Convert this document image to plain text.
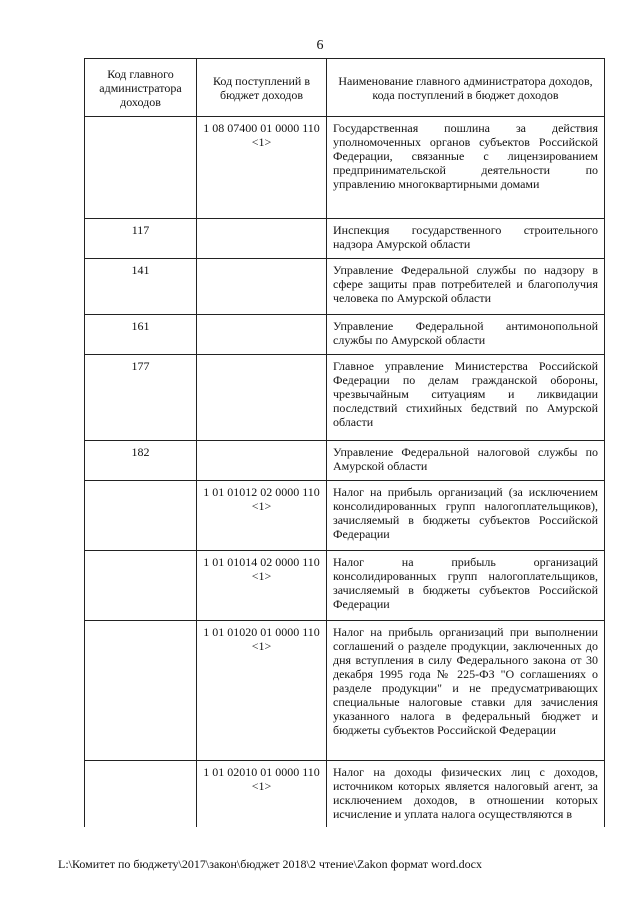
6
Код главного администратора доходов	Код поступлений в бюджет доходов	Наименование главного администратора доходов, кода поступлений в бюджет доходов
	1 08 07400 01 0000 110 <1>	Государственная пошлина за действия уполномоченных органов субъектов Российской Федерации, связанные с лицензированием предпринимательской деятельности по управлению многоквартирными домами
117		Инспекция государственного строительного надзора Амурской области
141		Управление Федеральной службы по надзору в сфере защиты прав потребителей и благополучия человека по Амурской области
161		Управление Федеральной антимонопольной службы по Амурской области
177		Главное управление Министерства Российской Федерации по делам гражданской обороны, чрезвычайным ситуациям и ликвидации последствий стихийных бедствий по Амурской области
182		Управление Федеральной налоговой службы по Амурской области
	1 01 01012 02 0000 110 <1>	Налог на прибыль организаций (за исключением консолидированных групп налогоплательщиков), зачисляемый в бюджеты субъектов Российской Федерации
	1 01 01014 02 0000 110 <1>	Налог на прибыль организаций консолидированных групп налогоплательщиков, зачисляемый в бюджеты субъектов Российской Федерации
	1 01 01020 01 0000 110 <1>	Налог на прибыль организаций при выполнении соглашений о разделе продукции, заключенных до дня вступления в силу Федерального закона от 30 декабря 1995 года № 225-ФЗ "О соглашениях о разделе продукции" и не предусматривающих специальные налоговые ставки для зачисления указанного налога в федеральный бюджет и бюджеты субъектов Российской Федерации
	1 01 02010 01 0000 110 <1>	Налог на доходы физических лиц с доходов, источником которых является налоговый агент, за исключением доходов, в отношении которых исчисление и уплата налога осуществляются в
L:\Комитет по бюджету\2017\закон\бюджет 2018\2 чтение\Zakon формат word.docx
